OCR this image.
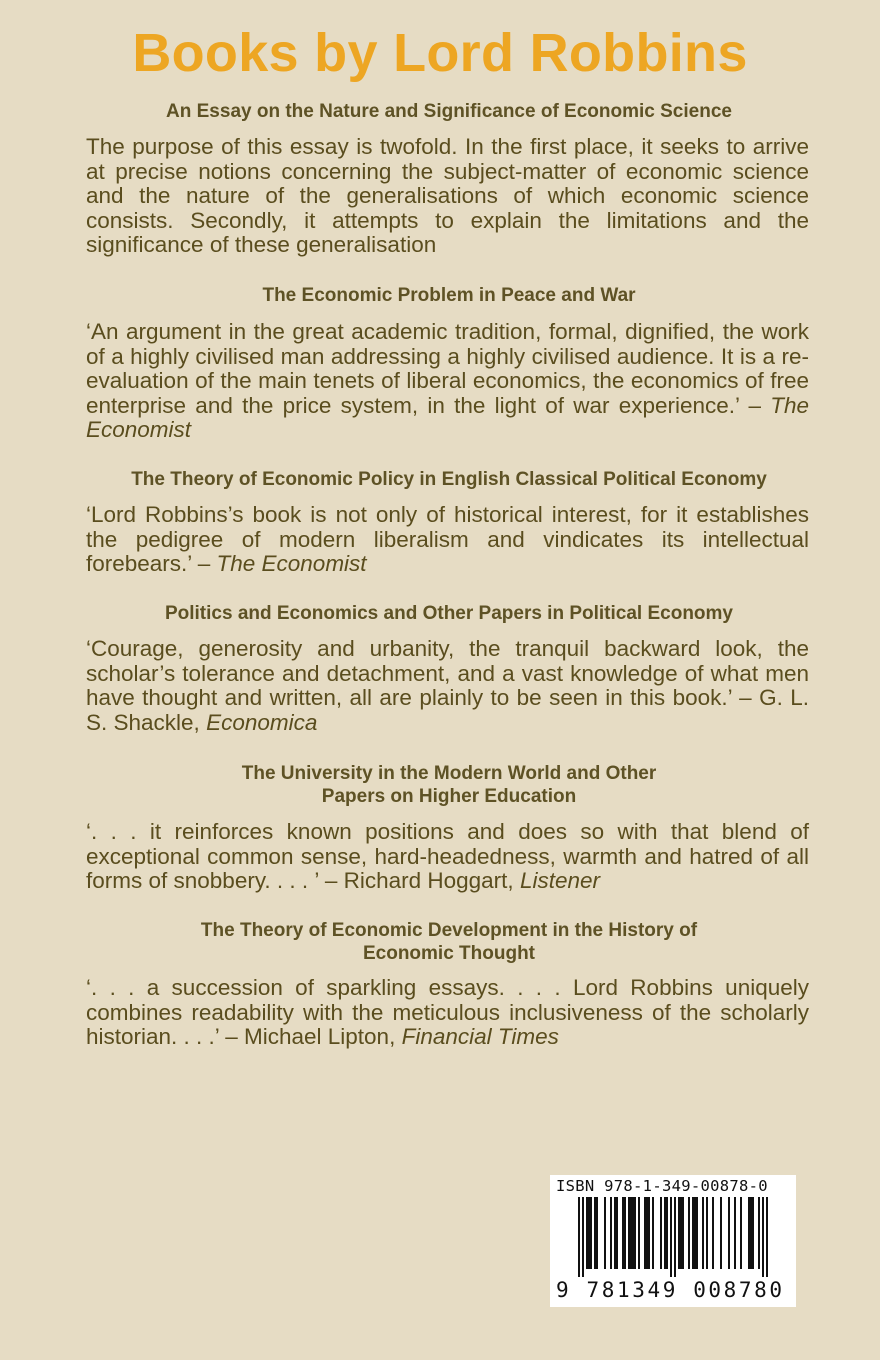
Books by Lord Robbins
An Essay on the Nature and Significance of Economic Science

The purpose of this essay is twofold. In the first place, it seeks to arrive at precise notions concerning the subject-matter of economic science and the nature of the generalisations of which economic science consists. Secondly, it attempts to explain the limitations and the significance of these generalisation

The Economic Problem in Peace and War

‘An argument in the great academic tradition, formal, dignified, the work of a highly civilised man addressing a highly civilised audience. It is a re-evaluation of the main tenets of liberal economics, the economics of free enterprise and the price system, in the light of war experience.’ – The Economist

The Theory of Economic Policy in English Classical Political Economy

‘Lord Robbins’s book is not only of historical interest, for it establishes the pedigree of modern liberalism and vindicates its intellectual forebears.’ – The Economist

Politics and Economics and Other Papers in Political Economy

‘Courage, generosity and urbanity, the tranquil backward look, the scholar’s tolerance and detachment, and a vast knowledge of what men have thought and written, all are plainly to be seen in this book.’ – G. L. S. Shackle, Economica

The University in the Modern World and Other
Papers on Higher Education

‘. . . it reinforces known positions and does so with that blend of exceptional common sense, hard-headedness, warmth and hatred of all forms of snobbery. . . . ’ – Richard Hoggart, Listener

The Theory of Economic Development in the History of
Economic Thought

‘. . . a succession of sparkling essays. . . . Lord Robbins uniquely combines readability with the meticulous inclusiveness of the scholarly historian. . . .’ – Michael Lipton, Financial Times

ISBN 978-1-349-00878-0
9 781349 008780
